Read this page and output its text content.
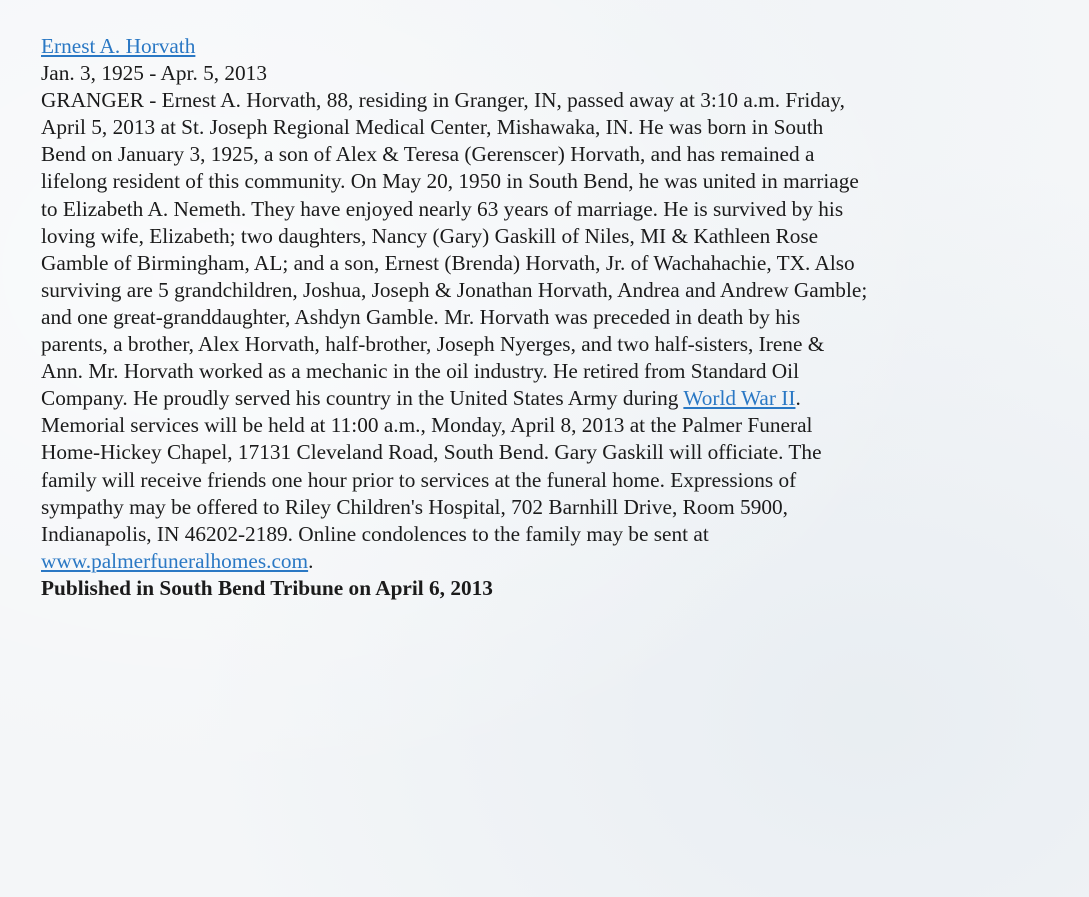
Ernest A. Horvath
Jan. 3, 1925 - Apr. 5, 2013
GRANGER - Ernest A. Horvath, 88, residing in Granger, IN, passed away at 3:10 a.m. Friday,
April 5, 2013 at St. Joseph Regional Medical Center, Mishawaka, IN. He was born in South
Bend on January 3, 1925, a son of Alex & Teresa (Gerenscer) Horvath, and has remained a
lifelong resident of this community. On May 20, 1950 in South Bend, he was united in marriage
to Elizabeth A. Nemeth. They have enjoyed nearly 63 years of marriage. He is survived by his
loving wife, Elizabeth; two daughters, Nancy (Gary) Gaskill of Niles, MI & Kathleen Rose
Gamble of Birmingham, AL; and a son, Ernest (Brenda) Horvath, Jr. of Wachahachie, TX. Also
surviving are 5 grandchildren, Joshua, Joseph & Jonathan Horvath, Andrea and Andrew Gamble;
and one great-granddaughter, Ashdyn Gamble. Mr. Horvath was preceded in death by his
parents, a brother, Alex Horvath, half-brother, Joseph Nyerges, and two half-sisters, Irene &
Ann. Mr. Horvath worked as a mechanic in the oil industry. He retired from Standard Oil
Company. He proudly served his country in the United States Army during World War II.
Memorial services will be held at 11:00 a.m., Monday, April 8, 2013 at the Palmer Funeral
Home-Hickey Chapel, 17131 Cleveland Road, South Bend. Gary Gaskill will officiate. The
family will receive friends one hour prior to services at the funeral home. Expressions of
sympathy may be offered to Riley Children's Hospital, 702 Barnhill Drive, Room 5900,
Indianapolis, IN 46202-2189. Online condolences to the family may be sent at
www.palmerfuneralhomes.com.
Published in South Bend Tribune on April 6, 2013
